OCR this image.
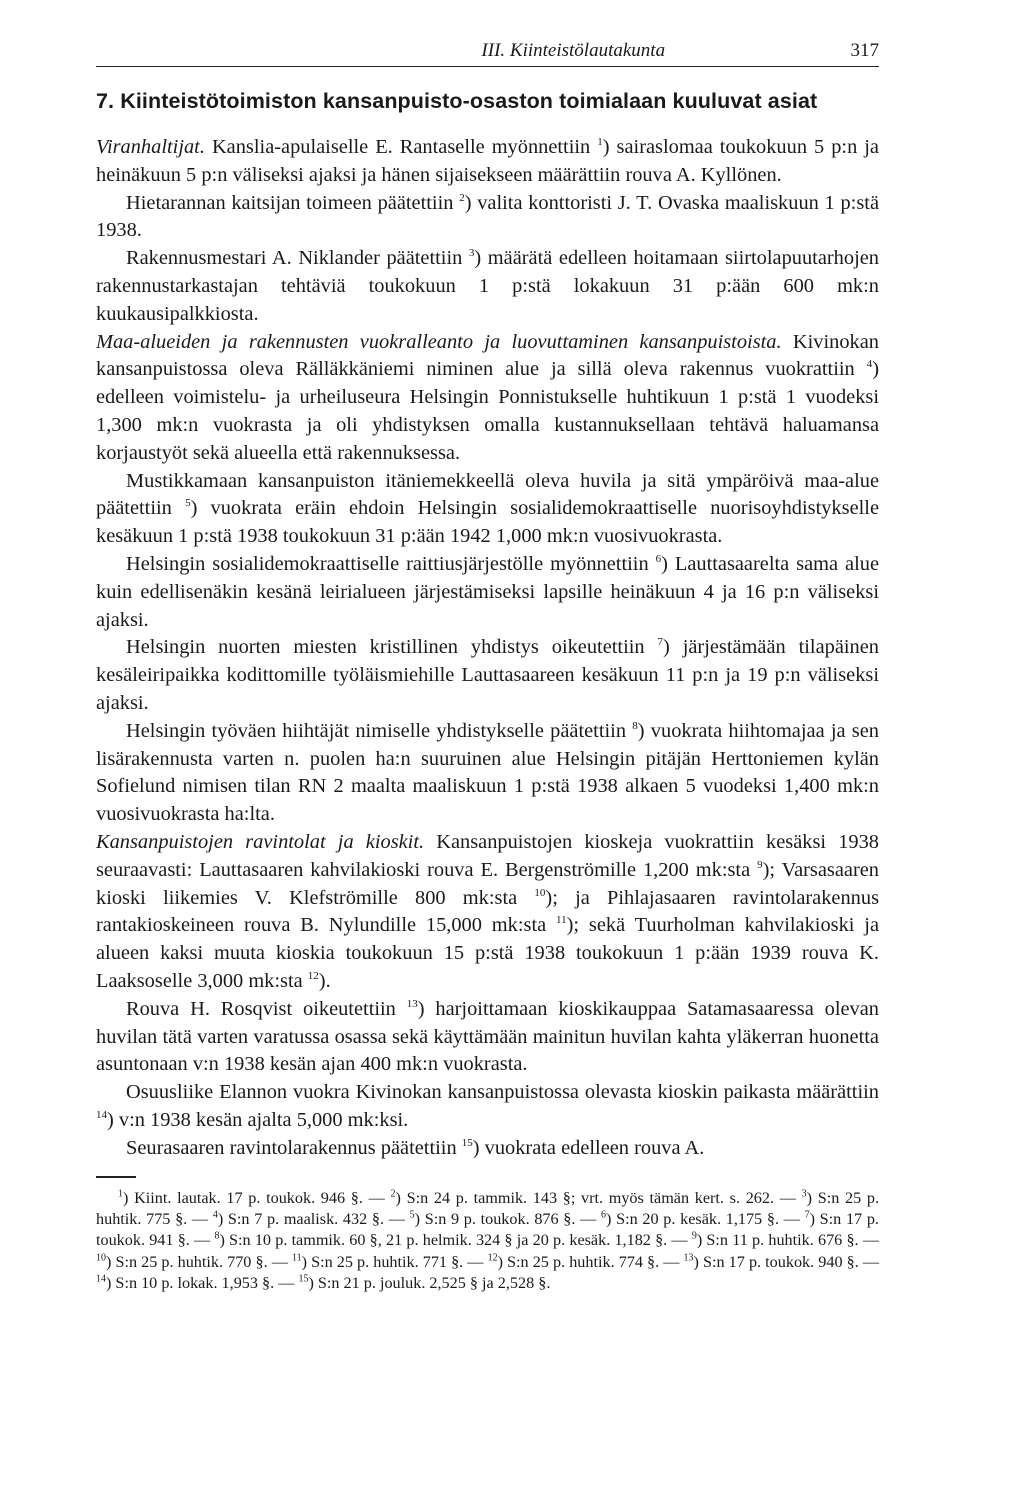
III. Kiinteistölautakunta	317
7. Kiinteistötoimiston kansanpuisto-osaston toimialaan kuuluvat asiat

Viranhaltijat. Kanslia-apulaiselle E. Rantaselle myönnettiin $^1$) sairaslomaa toukokuun 5 p:n ja heinäkuun 5 p:n väliseksi ajaksi ja hänen sijaisekseen määrättiin rouva A. Kyllönen.

Hietarannan kaitsijan toimeen päätettiin $^2$) valita konttoristi J. T. Ovaska maaliskuun 1 p:stä 1938.

Rakennusmestari A. Niklander päätettiin $^3$) määrätä edelleen hoitamaan siirtolapuutarhojen rakennustarkastajan tehtäviä toukokuun 1 p:stä lokakuun 31 p:ään 600 mk:n kuukausipalkkiosta.

Maa-alueiden ja rakennusten vuokralleanto ja luovuttaminen kansanpuistoista. Kivinokan kansanpuistossa oleva Rälläkkäniemi niminen alue ja sillä oleva rakennus vuokrattiin $^4$) edelleen voimistelu- ja urheiluseura Helsingin Ponnistukselle huhtikuun 1 p:stä 1 vuodeksi 1,300 mk:n vuokrasta ja oli yhdistyksen omalla kustannuksellaan tehtävä haluamansa korjaustyöt sekä alueella että rakennuksessa.

Mustikkamaan kansanpuiston itäniemekkeellä oleva huvila ja sitä ympäröivä maa-alue päätettiin $^5$) vuokrata eräin ehdoin Helsingin sosialidemokraattiselle nuorisoyhdistykselle kesäkuun 1 p:stä 1938 toukokuun 31 p:ään 1942 1,000 mk:n vuosivuokrasta.

Helsingin sosialidemokraattiselle raittiusjärjestölle myönnettiin $^6$) Lauttasaarelta sama alue kuin edellisenäkin kesänä leirialueen järjestämiseksi lapsille heinäkuun 4 ja 16 p:n väliseksi ajaksi.

Helsingin nuorten miesten kristillinen yhdistys oikeutettiin $^7$) järjestämään tilapäinen kesäleiripaikka kodittomille työläismiehille Lauttasaareen kesäkuun 11 p:n ja 19 p:n väliseksi ajaksi.

Helsingin työväen hiihtäjät nimiselle yhdistykselle päätettiin $^8$) vuokrata hiihtomajaa ja sen lisärakennusta varten n. puolen ha:n suuruinen alue Helsingin pitäjän Herttoniemen kylän Sofielund nimisen tilan RN 2 maalta maaliskuun 1 p:stä 1938 alkaen 5 vuodeksi 1,400 mk:n vuosivuokrasta ha:lta.

Kansanpuistojen ravintolat ja kioskit. Kansanpuistojen kioskeja vuokrattiin kesäksi 1938 seuraavasti: Lauttasaaren kahvilakioski rouva E. Bergenströmille 1,200 mk:sta $^9$); Varsasaaren kioski liikemies V. Klefströmille 800 mk:sta $^{10}$); ja Pihlajasaaren ravintolarakennus rantakioskeineen rouva B. Nylundille 15,000 mk:sta $^{11}$); sekä Tuurholman kahvilakioski ja alueen kaksi muuta kioskia toukokuun 15 p:stä 1938 toukokuun 1 p:ään 1939 rouva K. Laaksoselle 3,000 mk:sta $^{12}$).

Rouva H. Rosqvist oikeutettiin $^{13}$) harjoittamaan kioskikauppaa Satamasaaressa olevan huvilan tätä varten varatussa osassa sekä käyttämään mainitun huvilan kahta yläkerran huonetta asuntonaan v:n 1938 kesän ajan 400 mk:n vuokrasta.

Osuusliike Elannon vuokra Kivinokan kansanpuistossa olevasta kioskin paikasta määrättiin $^{14}$) v:n 1938 kesän ajalta 5,000 mk:ksi.

Seurasaaren ravintolarakennus päätettiin $^{15}$) vuokrata edelleen rouva A.

$^1$) Kiint. lautak. 17 p. toukok. 946 §. — $^2$) S:n 24 p. tammik. 143 §; vrt. myös tämän kert. s. 262. — $^3$) S:n 25 p. huhtik. 775 §. — $^4$) S:n 7 p. maalisk. 432 §. — $^5$) S:n 9 p. toukok. 876 §. — $^6$) S:n 20 p. kesäk. 1,175 §. — $^7$) S:n 17 p. toukok. 941 §. — $^8$) S:n 10 p. tammik. 60 §, 21 p. helmik. 324 § ja 20 p. kesäk. 1,182 §. — $^9$) S:n 11 p. huhtik. 676 §. — $^{10}$) S:n 25 p. huhtik. 770 §. — $^{11}$) S:n 25 p. huhtik. 771 §. — $^{12}$) S:n 25 p. huhtik. 774 §. — $^{13}$) S:n 17 p. toukok. 940 §. — $^{14}$) S:n 10 p. lokak. 1,953 §. — $^{15}$) S:n 21 p. jouluk. 2,525 § ja 2,528 §.
